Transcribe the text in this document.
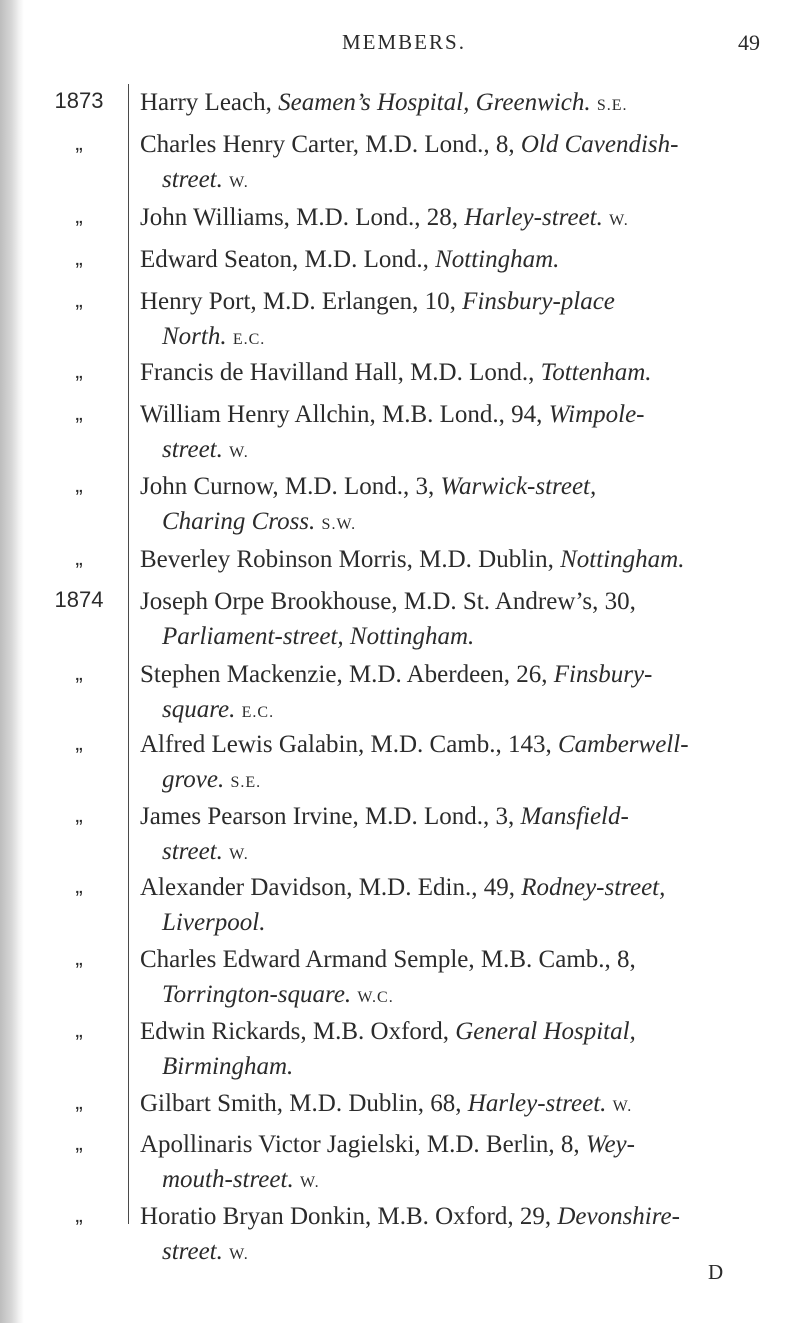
MEMBERS.	49
1873	Harry Leach, Seamen’s Hospital, Greenwich. S.E.
„	Charles Henry Carter, M.D. Lond., 8, Old Cavendish-
street. W.
„	John Williams, M.D. Lond., 28, Harley-street. W.
„	Edward Seaton, M.D. Lond., Nottingham.
„	Henry Port, M.D. Erlangen, 10, Finsbury-place
North. E.C.
„	Francis de Havilland Hall, M.D. Lond., Tottenham.
„	William Henry Allchin, M.B. Lond., 94, Wimpole-
street. W.
„	John Curnow, M.D. Lond., 3, Warwick-street,
Charing Cross. S.W.
„	Beverley Robinson Morris, M.D. Dublin, Nottingham.
1874	Joseph Orpe Brookhouse, M.D. St. Andrew’s, 30,
Parliament-street, Nottingham.
„	Stephen Mackenzie, M.D. Aberdeen, 26, Finsbury-
square. E.C.
„	Alfred Lewis Galabin, M.D. Camb., 143, Camberwell-
grove. S.E.
„	James Pearson Irvine, M.D. Lond., 3, Mansfield-
street. W.
„	Alexander Davidson, M.D. Edin., 49, Rodney-street,
Liverpool.
„	Charles Edward Armand Semple, M.B. Camb., 8,
Torrington-square. W.C.
„	Edwin Rickards, M.B. Oxford, General Hospital,
Birmingham.
„	Gilbart Smith, M.D. Dublin, 68, Harley-street. W.
„	Apollinaris Victor Jagielski, M.D. Berlin, 8, Wey-
mouth-street. W.
„	Horatio Bryan Donkin, M.B. Oxford, 29, Devonshire-
street. W.
D
